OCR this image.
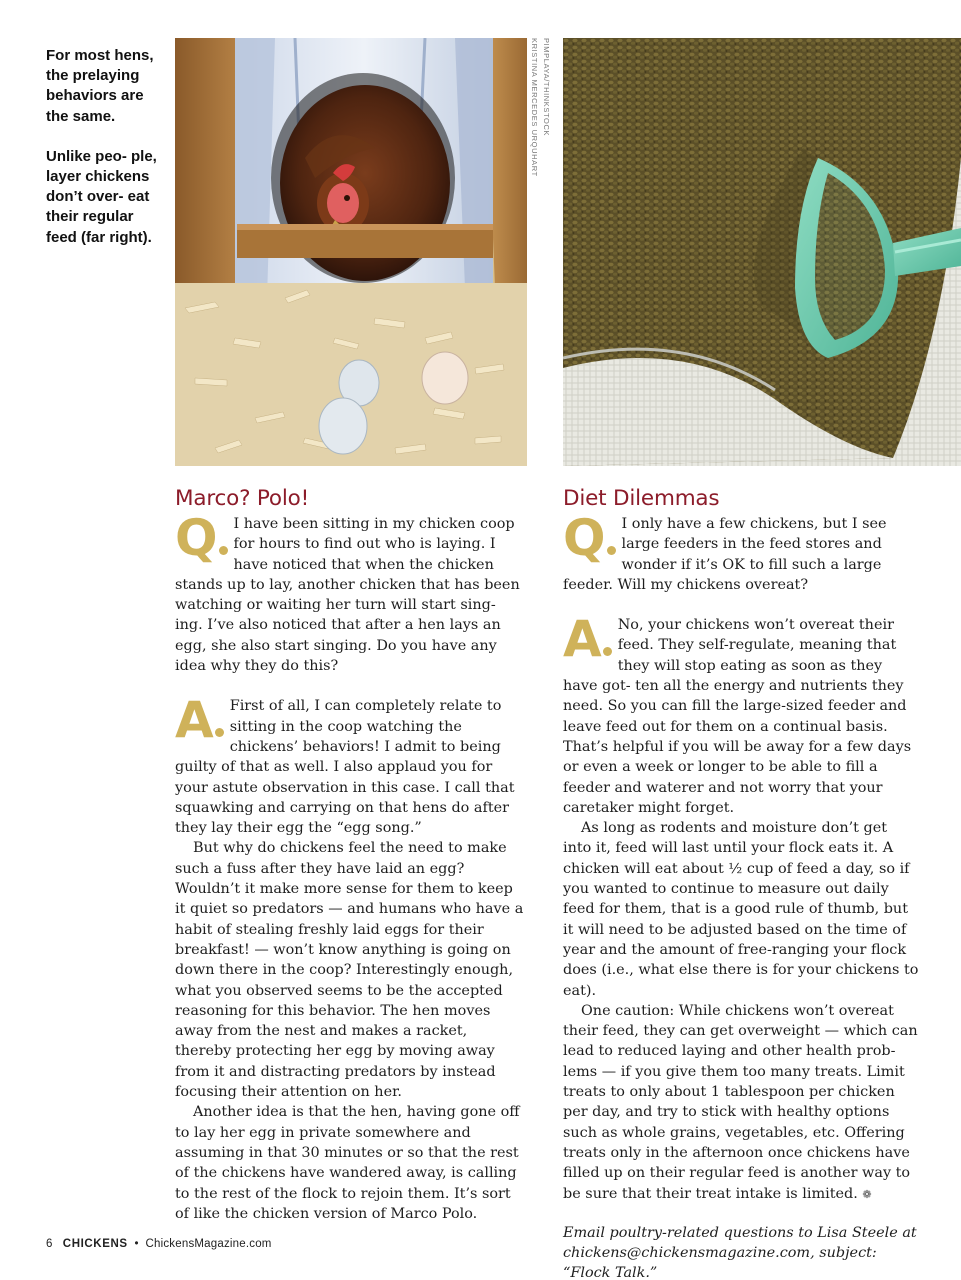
For most hens, the prelaying behaviors are the same.

Unlike peo- ple, layer chickens don’t over- eat their regular feed (far right).

KRISTINA MERCEDES URQUHART PIMPLAYA/THINKSTOCK
Marco? Polo!
Q	I have been sitting in my chicken coop for hours to find out who is laying. I have noticed that when the chicken stands up to lay, another chicken that has been watching or waiting her turn will start sing- ing. I’ve also noticed that after a hen lays an egg, she also start singing. Do you have any idea why they do this?

A	First of all, I can completely relate to sitting in the coop watching the chickens’ behaviors! I admit to being guilty of that as well. I also applaud you for your astute observation in this case. I call that squawking and carrying on that hens do after they lay their egg the “egg song.”

But why do chickens feel the need to make such a fuss after they have laid an egg? Wouldn’t it make more sense for them to keep it quiet so predators — and humans who have a habit of stealing freshly laid eggs for their breakfast! — won’t know anything is going on down there in the coop? Interestingly enough, what you observed seems to be the accepted reasoning for this behavior. The hen moves away from the nest and makes a racket, thereby protecting her egg by moving away from it and distracting predators by instead focusing their attention on her.

Another idea is that the hen, having gone off to lay her egg in private somewhere and assuming in that 30 minutes or so that the rest of the chickens have wandered away, is calling to the rest of the flock to rejoin them. It’s sort of like the chicken version of Marco Polo.

Diet Dilemmas
Q	I only have a few chickens, but I see large feeders in the feed stores and wonder if it’s OK to fill such a large feeder. Will my chickens overeat?

A	No, your chickens won’t overeat their feed. They self-regulate, meaning that they will stop eating as soon as they have got- ten all the energy and nutrients they need. So you can fill the large-sized feeder and leave feed out for them on a continual basis. That’s helpful if you will be away for a few days or even a week or longer to be able to fill a feeder and waterer and not worry that your caretaker might forget.

As long as rodents and moisture don’t get into it, feed will last until your flock eats it. A chicken will eat about ½ cup of feed a day, so if you wanted to continue to measure out daily feed for them, that is a good rule of thumb, but it will need to be adjusted based on the time of year and the amount of free-ranging your flock does (i.e., what else there is for your chickens to eat).

One caution: While chickens won’t overeat their feed, they can get overweight — which can lead to reduced laying and other health prob- lems — if you give them too many treats. Limit treats to only about 1 tablespoon per chicken per day, and try to stick with healthy options such as whole grains, vegetables, etc. Offering treats only in the afternoon once chickens have filled up on their regular feed is another way to be sure that their treat intake is limited. ❁

Email poultry-related questions to Lisa Steele at chickens@chickensmagazine.com, subject: “Flock Talk.”

6 CHICKENS • ChickensMagazine.com
